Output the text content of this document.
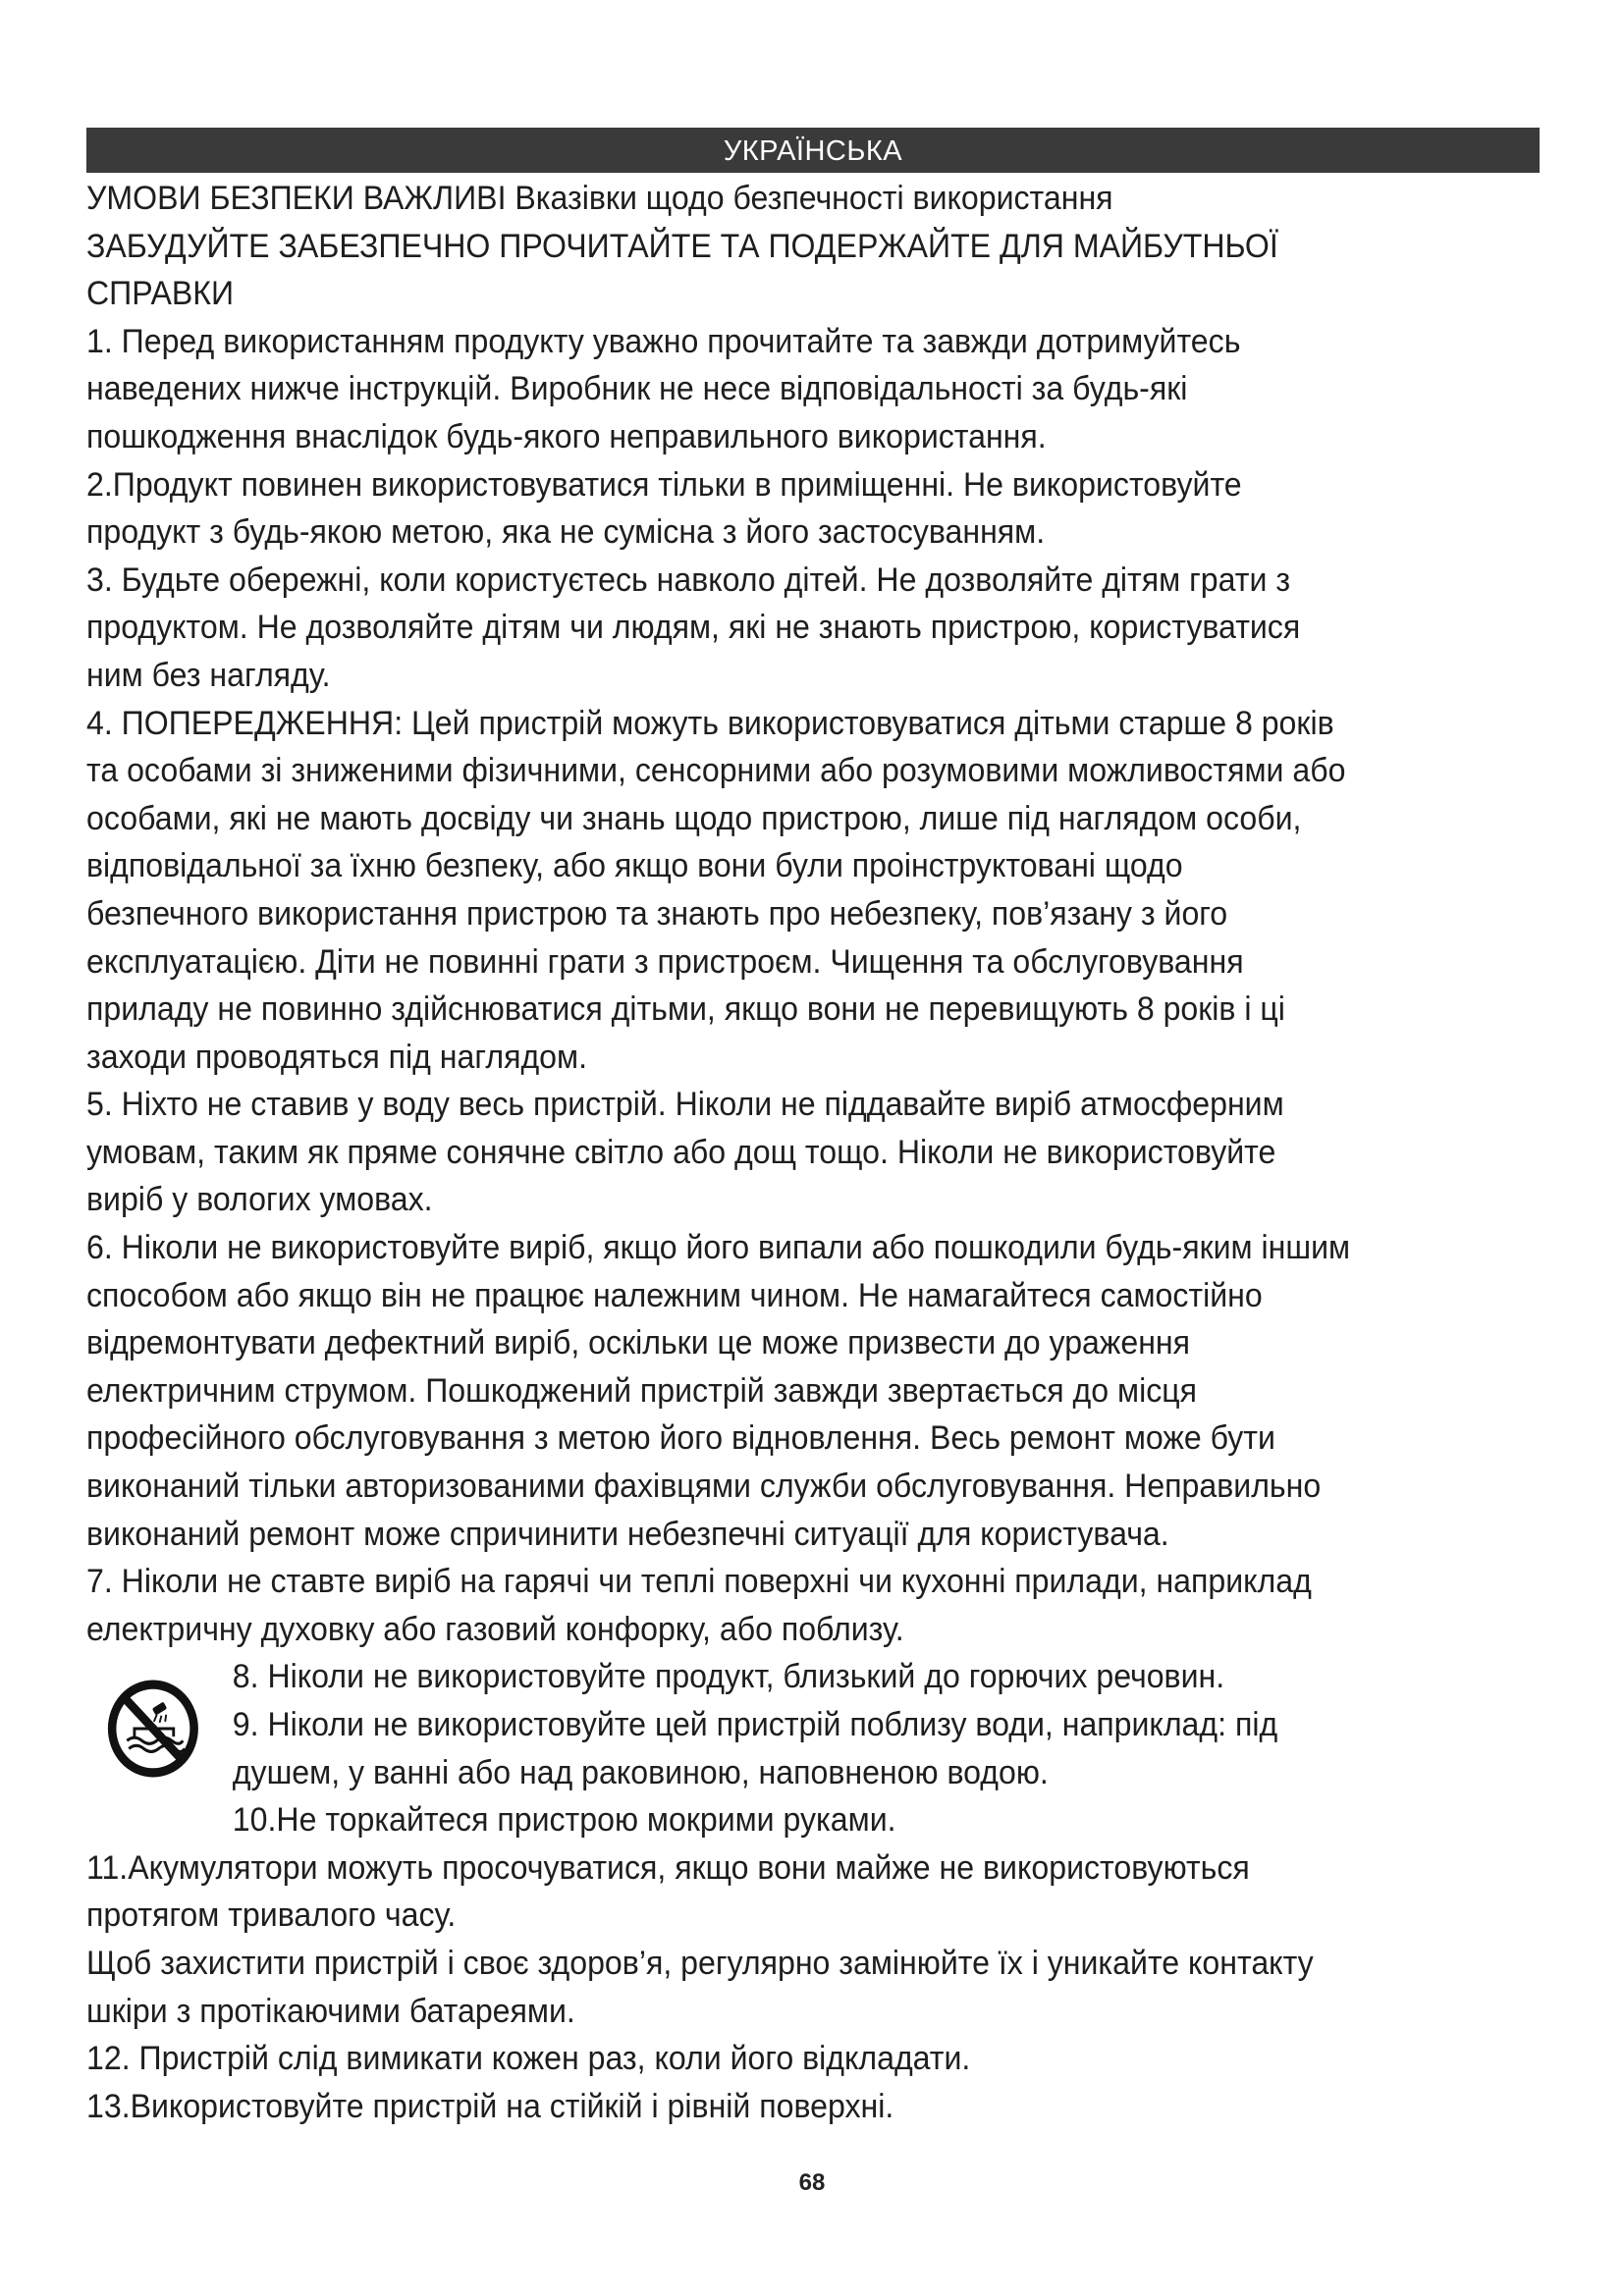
УКРАЇНСЬКА

УМОВИ БЕЗПЕКИ ВАЖЛИВІ Вказівки щодо безпечності використання

ЗАБУДУЙТЕ ЗАБЕЗПЕЧНО ПРОЧИТАЙТЕ ТА ПОДЕРЖАЙТЕ ДЛЯ МАЙБУТНЬОЇ

СПРАВКИ

1. Перед використанням продукту уважно прочитайте та завжди дотримуйтесь

наведених нижче інструкцій. Виробник не несе відповідальності за будь-які

пошкодження внаслідок будь-якого неправильного використання.

2.Продукт повинен використовуватися тільки в приміщенні. Не використовуйте

продукт з будь-якою метою, яка не сумісна з його застосуванням.

3. Будьте обережні, коли користуєтесь навколо дітей. Не дозволяйте дітям грати з

продуктом. Не дозволяйте дітям чи людям, які не знають пристрою, користуватися

ним без нагляду.

4. ПОПЕРЕДЖЕННЯ: Цей пристрій можуть використовуватися дітьми старше 8 років

та особами зі зниженими фізичними, сенсорними або розумовими можливостями або

особами, які не мають досвіду чи знань щодо пристрою, лише під наглядом особи,

відповідальної за їхню безпеку, або якщо вони були проінструктовані щодо

безпечного використання пристрою та знають про небезпеку, пов’язану з його

експлуатацією. Діти не повинні грати з пристроєм. Чищення та обслуговування

приладу не повинно здійснюватися дітьми, якщо вони не перевищують 8 років і ці

заходи проводяться під наглядом.

5. Ніхто не ставив у воду весь пристрій. Ніколи не піддавайте виріб атмосферним

умовам, таким як пряме сонячне світло або дощ тощо. Ніколи не використовуйте

виріб у вологих умовах.

6. Ніколи не використовуйте виріб, якщо його випали або пошкодили будь-яким іншим

способом або якщо він не працює належним чином. Не намагайтеся самостійно

відремонтувати дефектний виріб, оскільки це може призвести до ураження

електричним струмом. Пошкоджений пристрій завжди звертається до місця

професійного обслуговування з метою його відновлення. Весь ремонт може бути

виконаний тільки авторизованими фахівцями служби обслуговування. Неправильно

виконаний ремонт може спричинити небезпечні ситуації для користувача.

7. Ніколи не ставте виріб на гарячі чи теплі поверхні чи кухонні прилади, наприклад

електричну духовку або газовий конфорку, або поблизу.

8. Ніколи не використовуйте продукт, близький до горючих речовин.

9. Ніколи не використовуйте цей пристрій поблизу води, наприклад: під

душем, у ванні або над раковиною, наповненою водою.

10.Не торкайтеся пристрою мокрими руками.

11.Акумулятори можуть просочуватися, якщо вони майже не використовуються

протягом тривалого часу.

Щоб захистити пристрій і своє здоров’я, регулярно замінюйте їх і уникайте контакту

шкіри з протікаючими батареями.

12. Пристрій слід вимикати кожен раз, коли його відкладати.

13.Використовуйте пристрій на стійкій і рівній поверхні.

68
